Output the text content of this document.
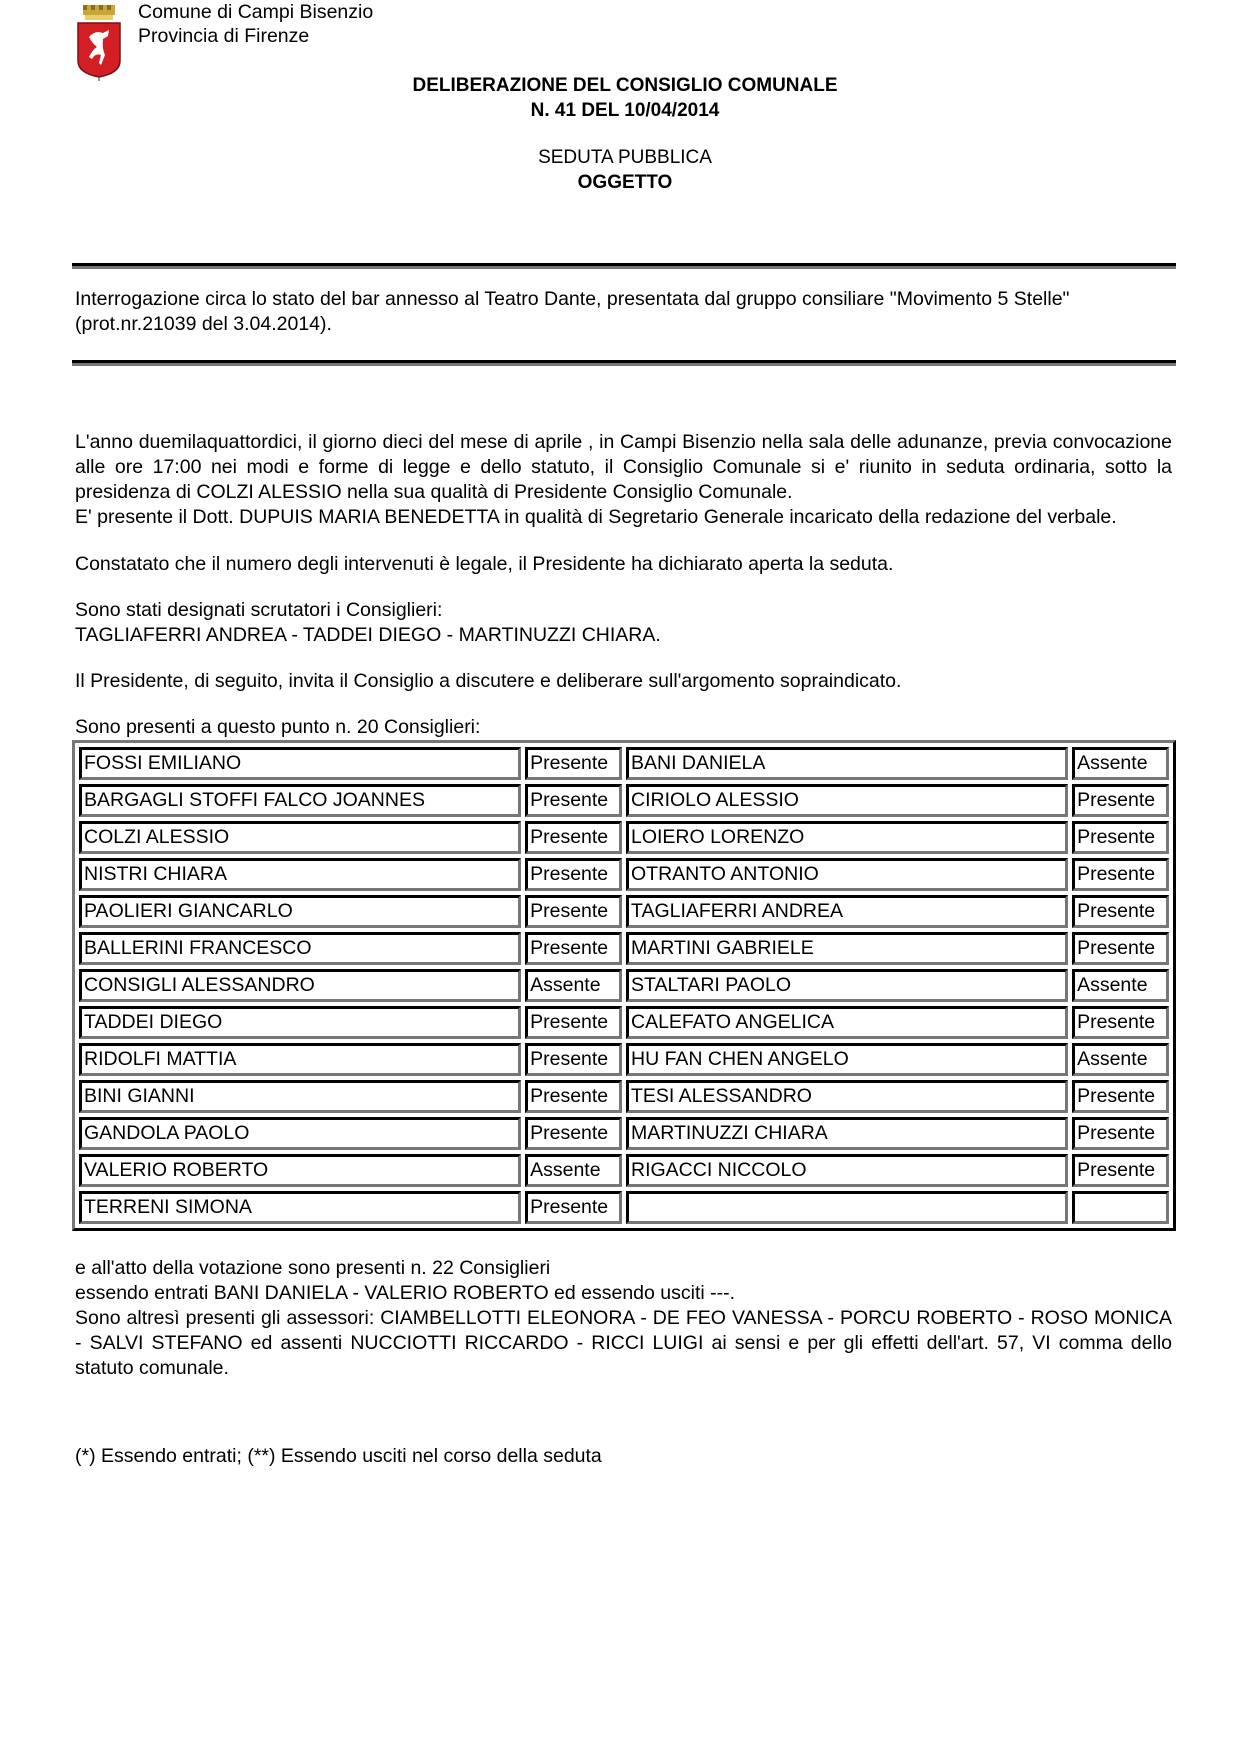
Comune di Campi Bisenzio
Provincia di Firenze
DELIBERAZIONE DEL CONSIGLIO COMUNALE
N. 41 DEL 10/04/2014
SEDUTA PUBBLICA
OGGETTO
Interrogazione circa lo stato del bar annesso al Teatro Dante, presentata dal gruppo consiliare "Movimento 5 Stelle" (prot.nr.21039 del 3.04.2014).
L'anno duemilaquattordici, il giorno dieci del mese di aprile , in Campi Bisenzio nella sala delle adunanze, previa convocazione alle ore 17:00 nei modi e forme di legge e dello statuto, il Consiglio Comunale si e' riunito in seduta ordinaria, sotto la presidenza di COLZI ALESSIO nella sua qualità di Presidente Consiglio Comunale.
E' presente il Dott. DUPUIS MARIA BENEDETTA in qualità di Segretario Generale incaricato della redazione del verbale.
Constatato che il numero degli intervenuti è legale, il Presidente ha dichiarato aperta la seduta.
Sono stati designati scrutatori i Consiglieri:
TAGLIAFERRI ANDREA - TADDEI DIEGO - MARTINUZZI CHIARA.
Il Presidente, di seguito, invita il Consiglio a discutere e deliberare sull'argomento sopraindicato.
Sono presenti a questo punto n. 20 Consiglieri:
FOSSI EMILIANO	Presente	BANI DANIELA	Assente
BARGAGLI STOFFI FALCO JOANNES	Presente	CIRIOLO ALESSIO	Presente
COLZI ALESSIO	Presente	LOIERO LORENZO	Presente
NISTRI CHIARA	Presente	OTRANTO ANTONIO	Presente
PAOLIERI GIANCARLO	Presente	TAGLIAFERRI ANDREA	Presente
BALLERINI FRANCESCO	Presente	MARTINI GABRIELE	Presente
CONSIGLI ALESSANDRO	Assente	STALTARI PAOLO	Assente
TADDEI DIEGO	Presente	CALEFATO ANGELICA	Presente
RIDOLFI MATTIA	Presente	HU FAN CHEN ANGELO	Assente
BINI GIANNI	Presente	TESI ALESSANDRO	Presente
GANDOLA PAOLO	Presente	MARTINUZZI CHIARA	Presente
VALERIO ROBERTO	Assente	RIGACCI NICCOLO	Presente
TERRENI SIMONA	Presente		
e all'atto della votazione sono presenti n. 22 Consiglieri
essendo entrati BANI DANIELA - VALERIO ROBERTO ed essendo usciti ---.
Sono altresì presenti gli assessori: CIAMBELLOTTI ELEONORA - DE FEO VANESSA - PORCU ROBERTO - ROSO MONICA - SALVI STEFANO ed assenti NUCCIOTTI RICCARDO - RICCI LUIGI ai sensi e per gli effetti dell'art. 57, VI comma dello statuto comunale.
(*) Essendo entrati; (**) Essendo usciti nel corso della seduta
